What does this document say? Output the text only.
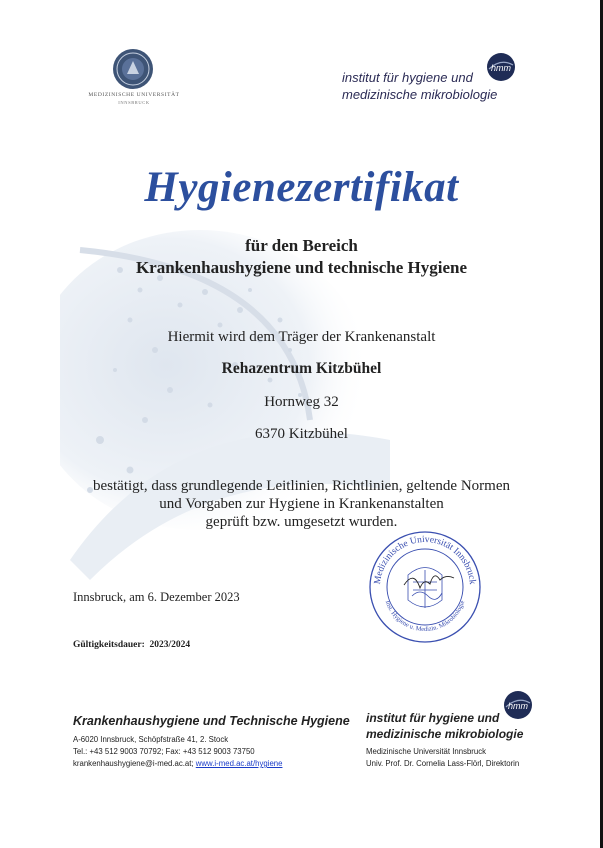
MEDIZINISCHE UNIVERSITÄT
INNSBRUCK
hmm
institut für hygiene und
medizinische mikrobiologie
Hygienezertifikat
für den Bereich
Krankenhaushygiene und technische Hygiene
Hiermit wird dem Träger der Krankenanstalt
Rehazentrum Kitzbühel
Hornweg 32
6370 Kitzbühel
bestätigt, dass grundlegende Leitlinien, Richtlinien, geltende Normen
und Vorgaben zur Hygiene in Krankenanstalten
geprüft bzw. umgesetzt wurden.
Innsbruck, am 6. Dezember 2023
Gültigkeitsdauer: 2023/2024
Medizinische Universität Innsbruck
Inst. Hygiene u. Medizin. Mikrobiologie
Krankenhaushygiene und Technische Hygiene
A-6020 Innsbruck, Schöpfstraße 41, 2. Stock
Tel.: +43 512 9003 70792; Fax: +43 512 9003 73750
krankenhaushygiene@i-med.ac.at; www.i-med.ac.at/hygiene
hmm
institut für hygiene und
medizinische mikrobiologie
Medizinische Universität Innsbruck
Univ. Prof. Dr. Cornelia Lass-Flörl, Direktorin
